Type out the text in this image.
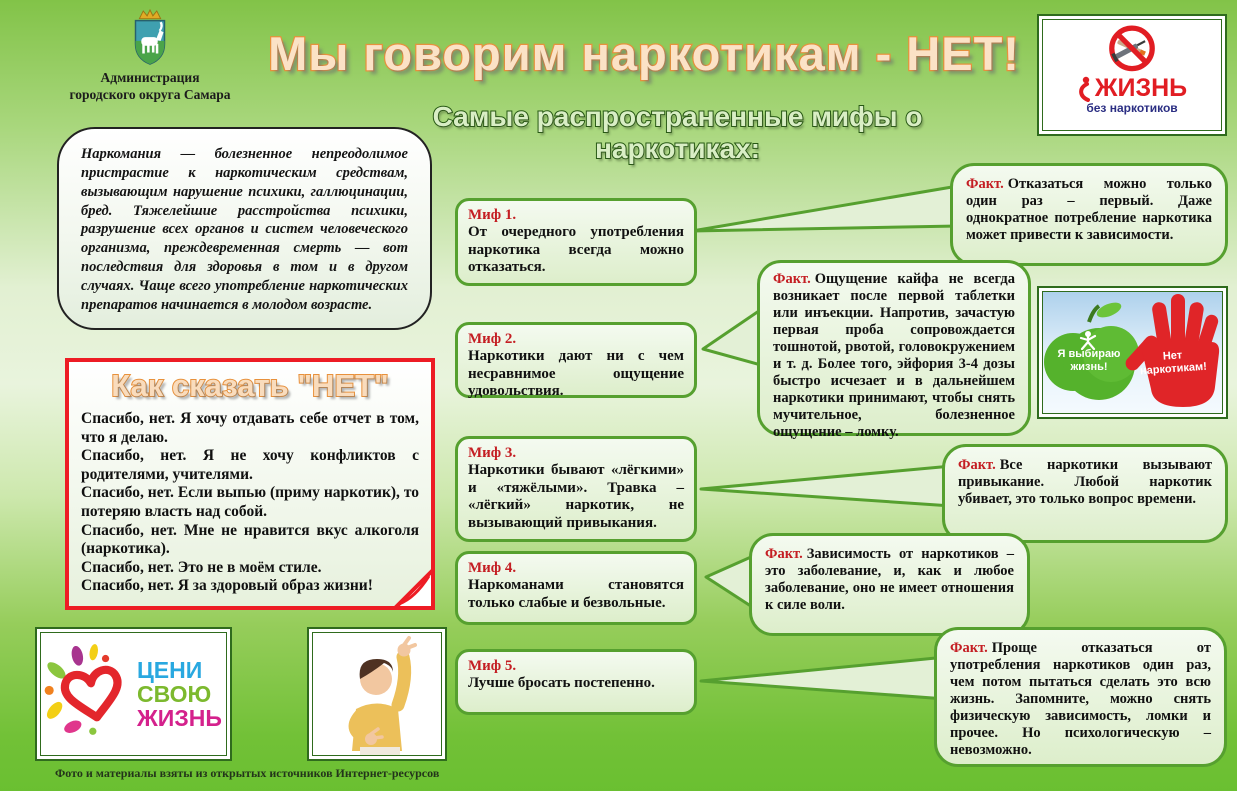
Администрация
городского округа Самара
Мы говорим наркотикам - НЕТ!
Самые распространенные мифы о наркотиках:
ЖИЗНЬ
без наркотиков
Наркомания — болезненное непреодолимое пристрастие к наркотическим средствам, вызывающим нарушение психики, галлюцинации, бред. Тяжелейшие расстройства психики, разрушение всех органов и систем человеческого организма, преждевременная смерть — вот последствия для здоровья в том и в другом случаях. Чаще всего употребление наркотических препаратов начинается в молодом возрасте.
Как сказать "НЕТ"
Спасибо, нет. Я хочу отдавать себе отчет в том, что я делаю.
Спасибо, нет. Я не хочу конфликтов с родителями, учителями.
Спасибо, нет. Если выпью (приму наркотик), то потеряю власть над собой.
Спасибо, нет. Мне не нравится вкус алкоголя (наркотика).
Спасибо, нет. Это не в моём стиле.
Спасибо, нет. Я за здоровый образ жизни!
Миф 1.
От очередного употребления наркотика всегда можно отказаться.
Миф 2.
Наркотики дают ни с чем несравнимое ощущение удовольствия.
Миф 3.
Наркотики бывают «лёгкими» и «тяжёлыми». Травка – «лёгкий» наркотик, не вызывающий привыкания.
Миф 4.
Наркоманами становятся только слабые и безвольные.
Миф 5.
Лучше бросать постепенно.
Факт. Отказаться можно только один раз – первый. Даже однократное потребление наркотика может привести к зависимости.
Факт. Ощущение кайфа не всегда возникает после первой таблетки или инъекции. Напротив, зачастую первая проба сопровождается тошнотой, рвотой, головокружением и т. д. Более того, эйфория 3-4 дозы быстро исчезает и в дальнейшем наркотики принимают, чтобы снять мучительное, болезненное ощущение – ломку.
Факт. Все наркотики вызывают привыкание. Любой наркотик убивает, это только вопрос времени.
Факт. Зависимость от наркотиков – это заболевание, и, как и любое заболевание, оно не имеет отношения к силе воли.
Факт. Проще отказаться от употребления наркотиков один раз, чем потом пытаться сделать это всю жизнь. Запомните, можно снять физическую зависимость, ломки и прочее. Но психологическую – невозможно.
Я выбираю жизнь!
Нет наркотикам!
ЦЕНИ
СВОЮ
ЖИЗНЬ
Фото и материалы взяты из открытых источников Интернет-ресурсов
